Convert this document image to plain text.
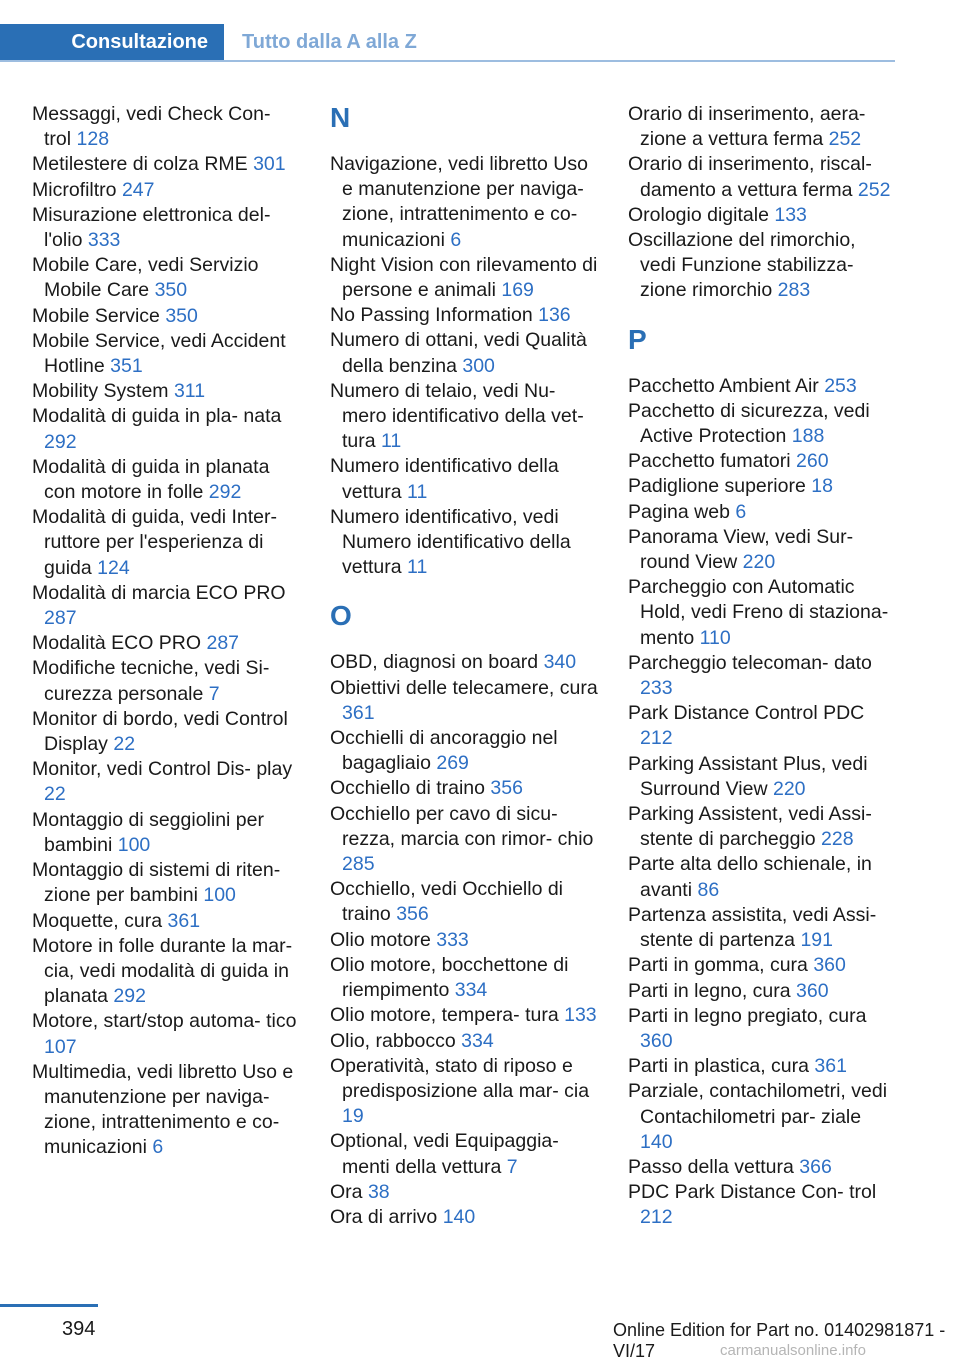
Consultazione	Tutto dalla A alla Z
Messaggi, vedi Check Con‐ trol 128
Metilestere di colza RME 301
Microfiltro 247
Misurazione elettronica del‐ l'olio 333
Mobile Care, vedi Servizio Mobile Care 350
Mobile Service 350
Mobile Service, vedi Accident Hotline 351
Mobility System 311
Modalità di guida in pla‐ nata 292
Modalità di guida in planata con motore in folle 292
Modalità di guida, vedi Inter‐ ruttore per l'esperienza di guida 124
Modalità di marcia ECO PRO 287
Modalità ECO PRO 287
Modifiche tecniche, vedi Si‐ curezza personale 7
Monitor di bordo, vedi Control Display 22
Monitor, vedi Control Dis‐ play 22
Montaggio di seggiolini per bambini 100
Montaggio di sistemi di riten‐ zione per bambini 100
Moquette, cura 361
Motore in folle durante la mar‐ cia, vedi modalità di guida in planata 292
Motore, start/stop automa‐ tico 107
Multimedia, vedi libretto Uso e manutenzione per naviga‐ zione, intrattenimento e co‐ municazioni 6
N
Navigazione, vedi libretto Uso e manutenzione per naviga‐ zione, intrattenimento e co‐ municazioni 6
Night Vision con rilevamento di persone e animali 169
No Passing Information 136
Numero di ottani, vedi Qualità della benzina 300
Numero di telaio, vedi Nu‐ mero identificativo della vet‐ tura 11
Numero identificativo della vettura 11
Numero identificativo, vedi Numero identificativo della vettura 11
O
OBD, diagnosi on board 340
Obiettivi delle telecamere, cura 361
Occhielli di ancoraggio nel bagagliaio 269
Occhiello di traino 356
Occhiello per cavo di sicu‐ rezza, marcia con rimor‐ chio 285
Occhiello, vedi Occhiello di traino 356
Olio motore 333
Olio motore, bocchettone di riempimento 334
Olio motore, tempera‐ tura 133
Olio, rabbocco 334
Operatività, stato di riposo e predisposizione alla mar‐ cia 19
Optional, vedi Equipaggia‐ menti della vettura 7
Ora 38
Ora di arrivo 140
Orario di inserimento, aera‐ zione a vettura ferma 252
Orario di inserimento, riscal‐ damento a vettura ferma 252
Orologio digitale 133
Oscillazione del rimorchio, vedi Funzione stabilizza‐ zione rimorchio 283
P
Pacchetto Ambient Air 253
Pacchetto di sicurezza, vedi Active Protection 188
Pacchetto fumatori 260
Padiglione superiore 18
Pagina web 6
Panorama View, vedi Sur‐ round View 220
Parcheggio con Automatic Hold, vedi Freno di staziona‐ mento 110
Parcheggio telecoman‐ dato 233
Park Distance Control PDC 212
Parking Assistant Plus, vedi Surround View 220
Parking Assistent, vedi Assi‐ stente di parcheggio 228
Parte alta dello schienale, in avanti 86
Partenza assistita, vedi Assi‐ stente di partenza 191
Parti in gomma, cura 360
Parti in legno, cura 360
Parti in legno pregiato, cura 360
Parti in plastica, cura 361
Parziale, contachilometri, vedi Contachilometri par‐ ziale 140
Passo della vettura 366
PDC Park Distance Con‐ trol 212
394	Online Edition for Part no. 01402981871 - VI/17	carmanualsonline.info
